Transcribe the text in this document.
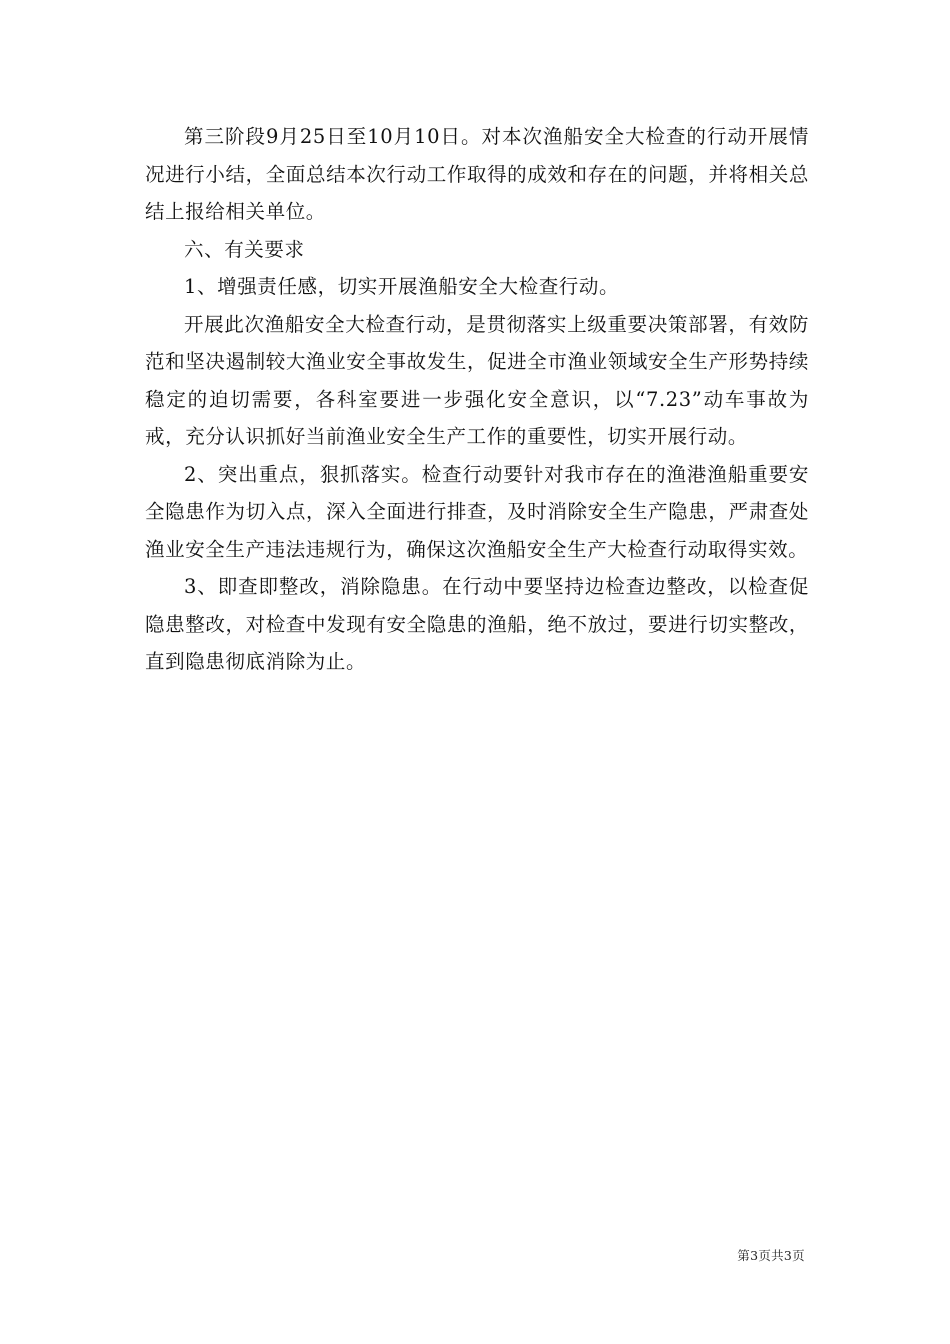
第三阶段9月25日至10月10日。对本次渔船安全大检查的行动开展情况进行小结，全面总结本次行动工作取得的成效和存在的问题，并将相关总结上报给相关单位。

六、有关要求

1、增强责任感，切实开展渔船安全大检查行动。

开展此次渔船安全大检查行动，是贯彻落实上级重要决策部署，有效防范和坚决遏制较大渔业安全事故发生，促进全市渔业领域安全生产形势持续稳定的迫切需要，各科室要进一步强化安全意识，以“7.23”动车事故为戒，充分认识抓好当前渔业安全生产工作的重要性，切实开展行动。

2、突出重点，狠抓落实。检查行动要针对我市存在的渔港渔船重要安全隐患作为切入点，深入全面进行排查，及时消除安全生产隐患，严肃查处渔业安全生产违法违规行为，确保这次渔船安全生产大检查行动取得实效。

3、即查即整改，消除隐患。在行动中要坚持边检查边整改，以检查促隐患整改，对检查中发现有安全隐患的渔船，绝不放过，要进行切实整改，直到隐患彻底消除为止。

第3页共3页
